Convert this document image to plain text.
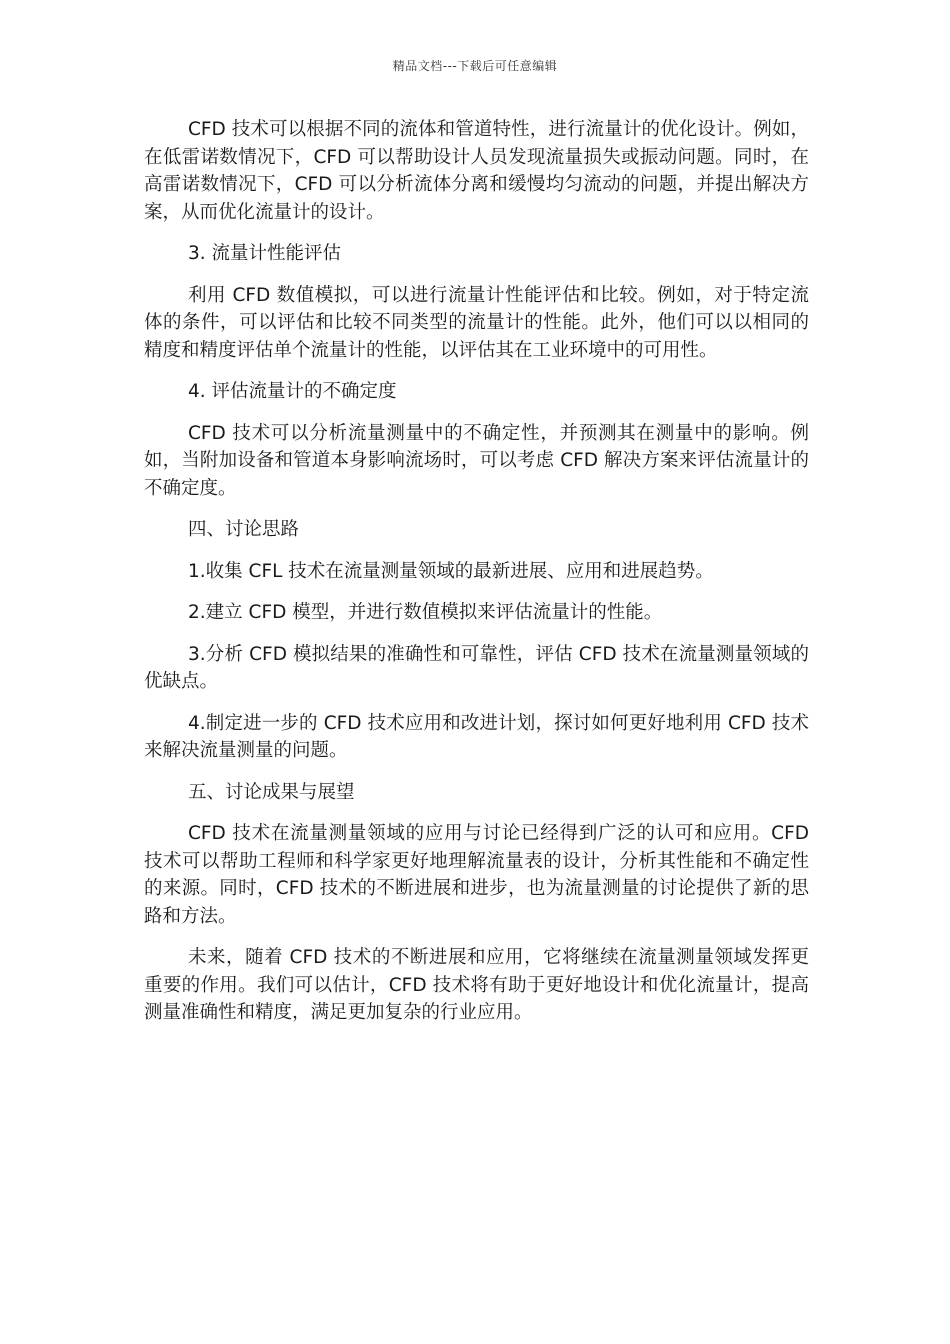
精品文档---下载后可任意编辑

CFD 技术可以根据不同的流体和管道特性，进行流量计的优化设计。例如，在低雷诺数情况下，CFD 可以帮助设计人员发现流量损失或振动问题。同时，在高雷诺数情况下，CFD 可以分析流体分离和缓慢均匀流动的问题，并提出解决方案，从而优化流量计的设计。

3. 流量计性能评估

利用 CFD 数值模拟，可以进行流量计性能评估和比较。例如，对于特定流体的条件，可以评估和比较不同类型的流量计的性能。此外，他们可以以相同的精度和精度评估单个流量计的性能，以评估其在工业环境中的可用性。

4. 评估流量计的不确定度

CFD 技术可以分析流量测量中的不确定性，并预测其在测量中的影响。例如，当附加设备和管道本身影响流场时，可以考虑 CFD 解决方案来评估流量计的不确定度。

四、讨论思路

1.收集 CFL 技术在流量测量领域的最新进展、应用和进展趋势。

2.建立 CFD 模型，并进行数值模拟来评估流量计的性能。

3.分析 CFD 模拟结果的准确性和可靠性，评估 CFD 技术在流量测量领域的优缺点。

4.制定进一步的 CFD 技术应用和改进计划，探讨如何更好地利用 CFD 技术来解决流量测量的问题。

五、讨论成果与展望

CFD 技术在流量测量领域的应用与讨论已经得到广泛的认可和应用。CFD 技术可以帮助工程师和科学家更好地理解流量表的设计，分析其性能和不确定性的来源。同时，CFD 技术的不断进展和进步，也为流量测量的讨论提供了新的思路和方法。

未来，随着 CFD 技术的不断进展和应用，它将继续在流量测量领域发挥更重要的作用。我们可以估计，CFD 技术将有助于更好地设计和优化流量计，提高测量准确性和精度，满足更加复杂的行业应用。
